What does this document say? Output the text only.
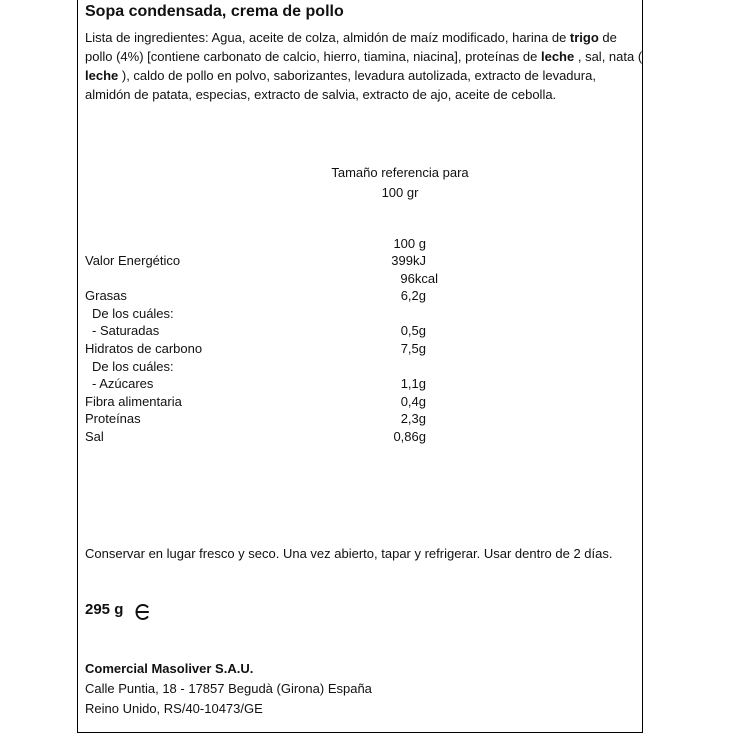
Sopa condensada, crema de pollo
Lista de ingredientes: Agua, aceite de colza, almidón de maíz modificado, harina de trigo de pollo (4%) [contiene carbonato de calcio, hierro, tiamina, niacina], proteínas de leche , sal, nata ( leche ), caldo de pollo en polvo, saborizantes, levadura autolizada, extracto de levadura, almidón de patata, especias, extracto de salvia, extracto de ajo, aceite de cebolla.
Tamaño referencia para
100 gr
100 g
Valor Energético	399kJ
96kcal
Grasas	6,2g
De los cuáles:
- Saturadas	0,5g
Hidratos de carbono	7,5g
De los cuáles:
- Azúcares	1,1g
Fibra alimentaria	0,4g
Proteínas	2,3g
Sal	0,86g
Conservar en lugar fresco y seco. Una vez abierto, tapar y refrigerar. Usar dentro de 2 días.
295 g
Comercial Masoliver S.A.U.
Calle Puntia, 18 - 17857 Begudà (Girona) España
Reino Unido, RS/40-10473/GE
